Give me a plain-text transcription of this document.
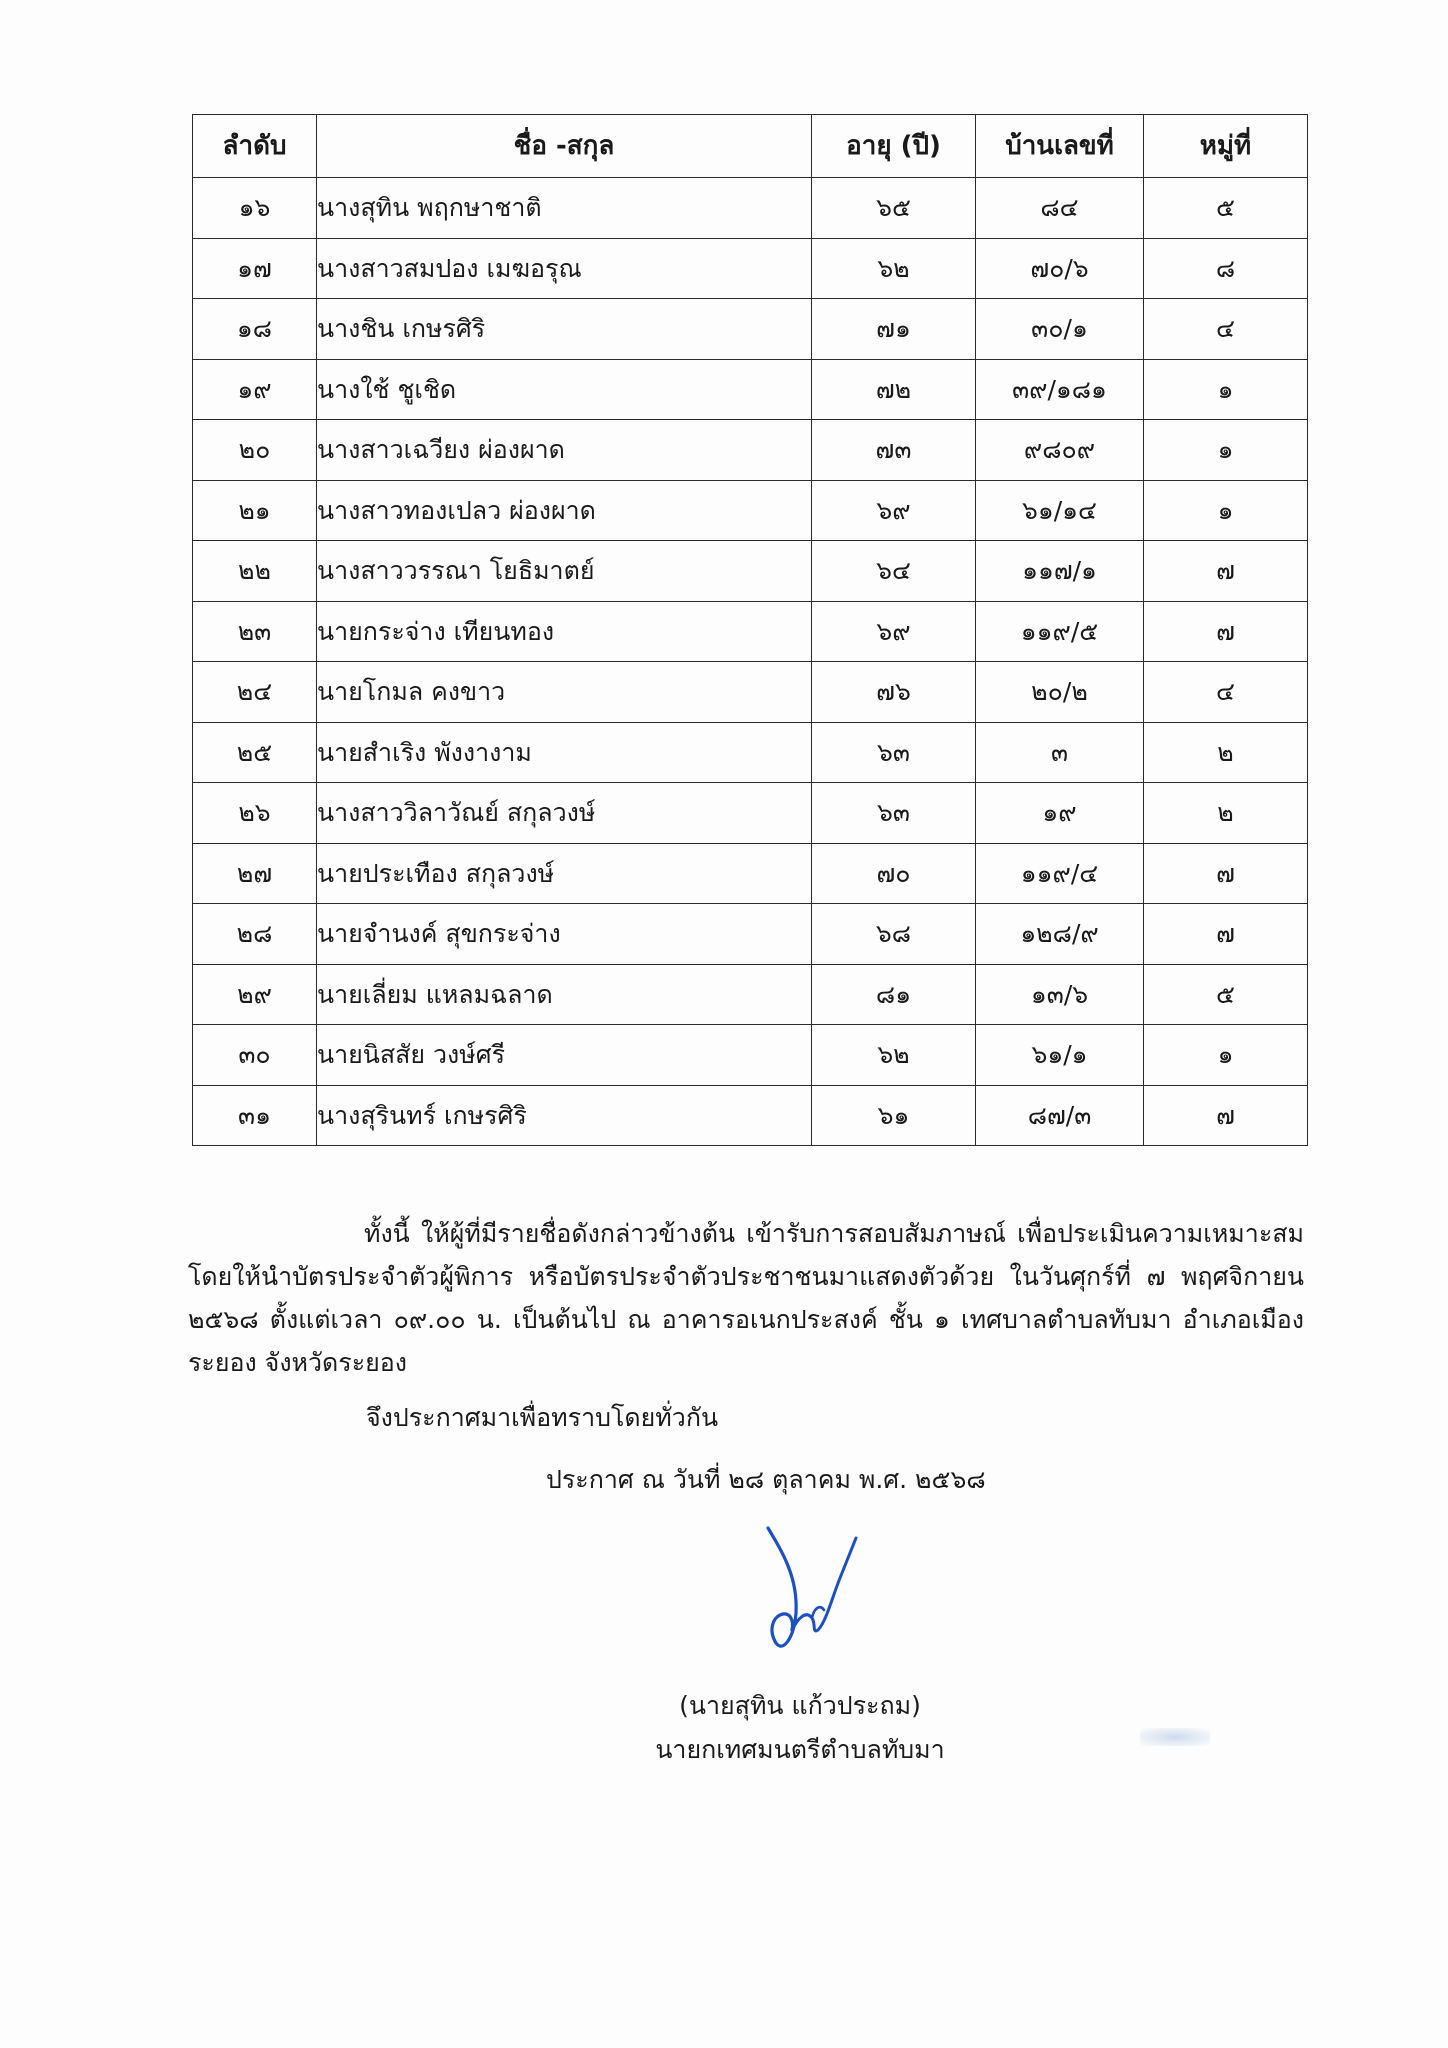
ลำดับ	ชื่อ -สกุล	อายุ (ปี)	บ้านเลขที่	หมู่ที่
๑๖	นางสุทิน พฤกษาชาติ	๖๕	๘๔	๕
๑๗	นางสาวสมปอง เมฆอรุณ	๖๒	๗๐/๖	๘
๑๘	นางชิน เกษรศิริ	๗๑	๓๐/๑	๔
๑๙	นางใช้ ชูเชิด	๗๒	๓๙/๑๘๑	๑
๒๐	นางสาวเฉวียง ผ่องผาด	๗๓	๙๘๐๙	๑
๒๑	นางสาวทองเปลว ผ่องผาด	๖๙	๖๑/๑๔	๑
๒๒	นางสาววรรณา โยธิมาตย์	๖๔	๑๑๗/๑	๗
๒๓	นายกระจ่าง เทียนทอง	๖๙	๑๑๙/๕	๗
๒๔	นายโกมล คงขาว	๗๖	๒๐/๒	๔
๒๕	นายสำเริง พังงางาม	๖๓	๓	๒
๒๖	นางสาววิลาวัณย์ สกุลวงษ์	๖๓	๑๙	๒
๒๗	นายประเทือง สกุลวงษ์	๗๐	๑๑๙/๔	๗
๒๘	นายจำนงค์ สุขกระจ่าง	๖๘	๑๒๘/๙	๗
๒๙	นายเลี่ยม แหลมฉลาด	๘๑	๑๓/๖	๕
๓๐	นายนิสสัย วงษ์ศรี	๖๒	๖๑/๑	๑
๓๑	นางสุรินทร์ เกษรศิริ	๖๑	๘๗/๓	๗

ทั้งนี้ ให้ผู้ที่มีรายชื่อดังกล่าวข้างต้น เข้ารับการสอบสัมภาษณ์ เพื่อประเมินความเหมาะสม โดยให้นำบัตรประจำตัวผู้พิการ หรือบัตรประจำตัวประชาชนมาแสดงตัวด้วย ในวันศุกร์ที่ ๗ พฤศจิกายน ๒๕๖๘ ตั้งแต่เวลา ๐๙.๐๐ น. เป็นต้นไป ณ อาคารอเนกประสงค์ ชั้น ๑ เทศบาลตำบลทับมา อำเภอเมืองระยอง จังหวัดระยอง

จึงประกาศมาเพื่อทราบโดยทั่วกัน

ประกาศ ณ วันที่ ๒๘ ตุลาคม พ.ศ. ๒๕๖๘

(นายสุทิน แก้วประถม)

นายกเทศมนตรีตำบลทับมา
